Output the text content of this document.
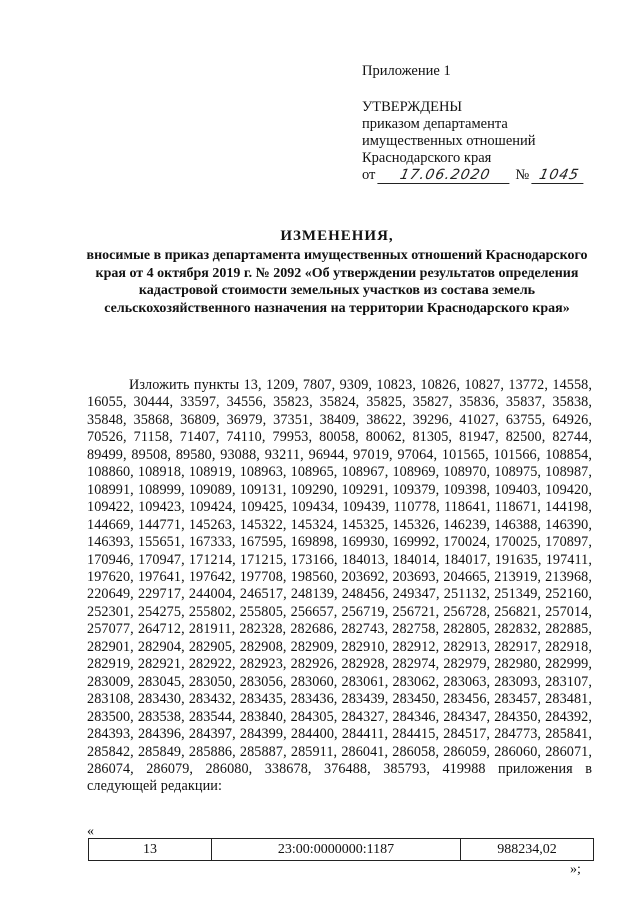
Приложение 1
УТВЕРЖДЕНЫ
приказом департамента
имущественных отношений
Краснодарского края
от	17.06.2020	№ 1045
ИЗМЕНЕНИЯ,
вносимые в приказ департамента имущественных отношений Краснодарского края от 4 октября 2019 г. № 2092 «Об утверждении результатов определения кадастровой стоимости земельных участков из состава земель сельскохозяйственного назначения на территории Краснодарского края»
Изложить пункты 13, 1209, 7807, 9309, 10823, 10826, 10827, 13772, 14558, 16055, 30444, 33597, 34556, 35823, 35824, 35825, 35827, 35836, 35837, 35838, 35848, 35868, 36809, 36979, 37351, 38409, 38622, 39296, 41027, 63755, 64926, 70526, 71158, 71407, 74110, 79953, 80058, 80062, 81305, 81947, 82500, 82744, 89499, 89508, 89580, 93088, 93211, 96944, 97019, 97064, 101565, 101566, 108854, 108860, 108918, 108919, 108963, 108965, 108967, 108969, 108970, 108975, 108987, 108991, 108999, 109089, 109131, 109290, 109291, 109379, 109398, 109403, 109420, 109422, 109423, 109424, 109425, 109434, 109439, 110778, 118641, 118671, 144198, 144669, 144771, 145263, 145322, 145324, 145325, 145326, 146239, 146388, 146390, 146393, 155651, 167333, 167595, 169898, 169930, 169992, 170024, 170025, 170897, 170946, 170947, 171214, 171215, 173166, 184013, 184014, 184017, 191635, 197411, 197620, 197641, 197642, 197708, 198560, 203692, 203693, 204665, 213919, 213968, 220649, 229717, 244004, 246517, 248139, 248456, 249347, 251132, 251349, 252160, 252301, 254275, 255802, 255805, 256657, 256719, 256721, 256728, 256821, 257014, 257077, 264712, 281911, 282328, 282686, 282743, 282758, 282805, 282832, 282885, 282901, 282904, 282905, 282908, 282909, 282910, 282912, 282913, 282917, 282918, 282919, 282921, 282922, 282923, 282926, 282928, 282974, 282979, 282980, 282999, 283009, 283045, 283050, 283056, 283060, 283061, 283062, 283063, 283093, 283107, 283108, 283430, 283432, 283435, 283436, 283439, 283450, 283456, 283457, 283481, 283500, 283538, 283544, 283840, 284305, 284327, 284346, 284347, 284350, 284392, 284393, 284396, 284397, 284399, 284400, 284411, 284415, 284517, 284773, 285841, 285842, 285849, 285886, 285887, 285911, 286041, 286058, 286059, 286060, 286071, 286074, 286079, 286080, 338678, 376488, 385793, 419988 приложения в следующей редакции:
«
13	23:00:0000000:1187	988234,02
»;
